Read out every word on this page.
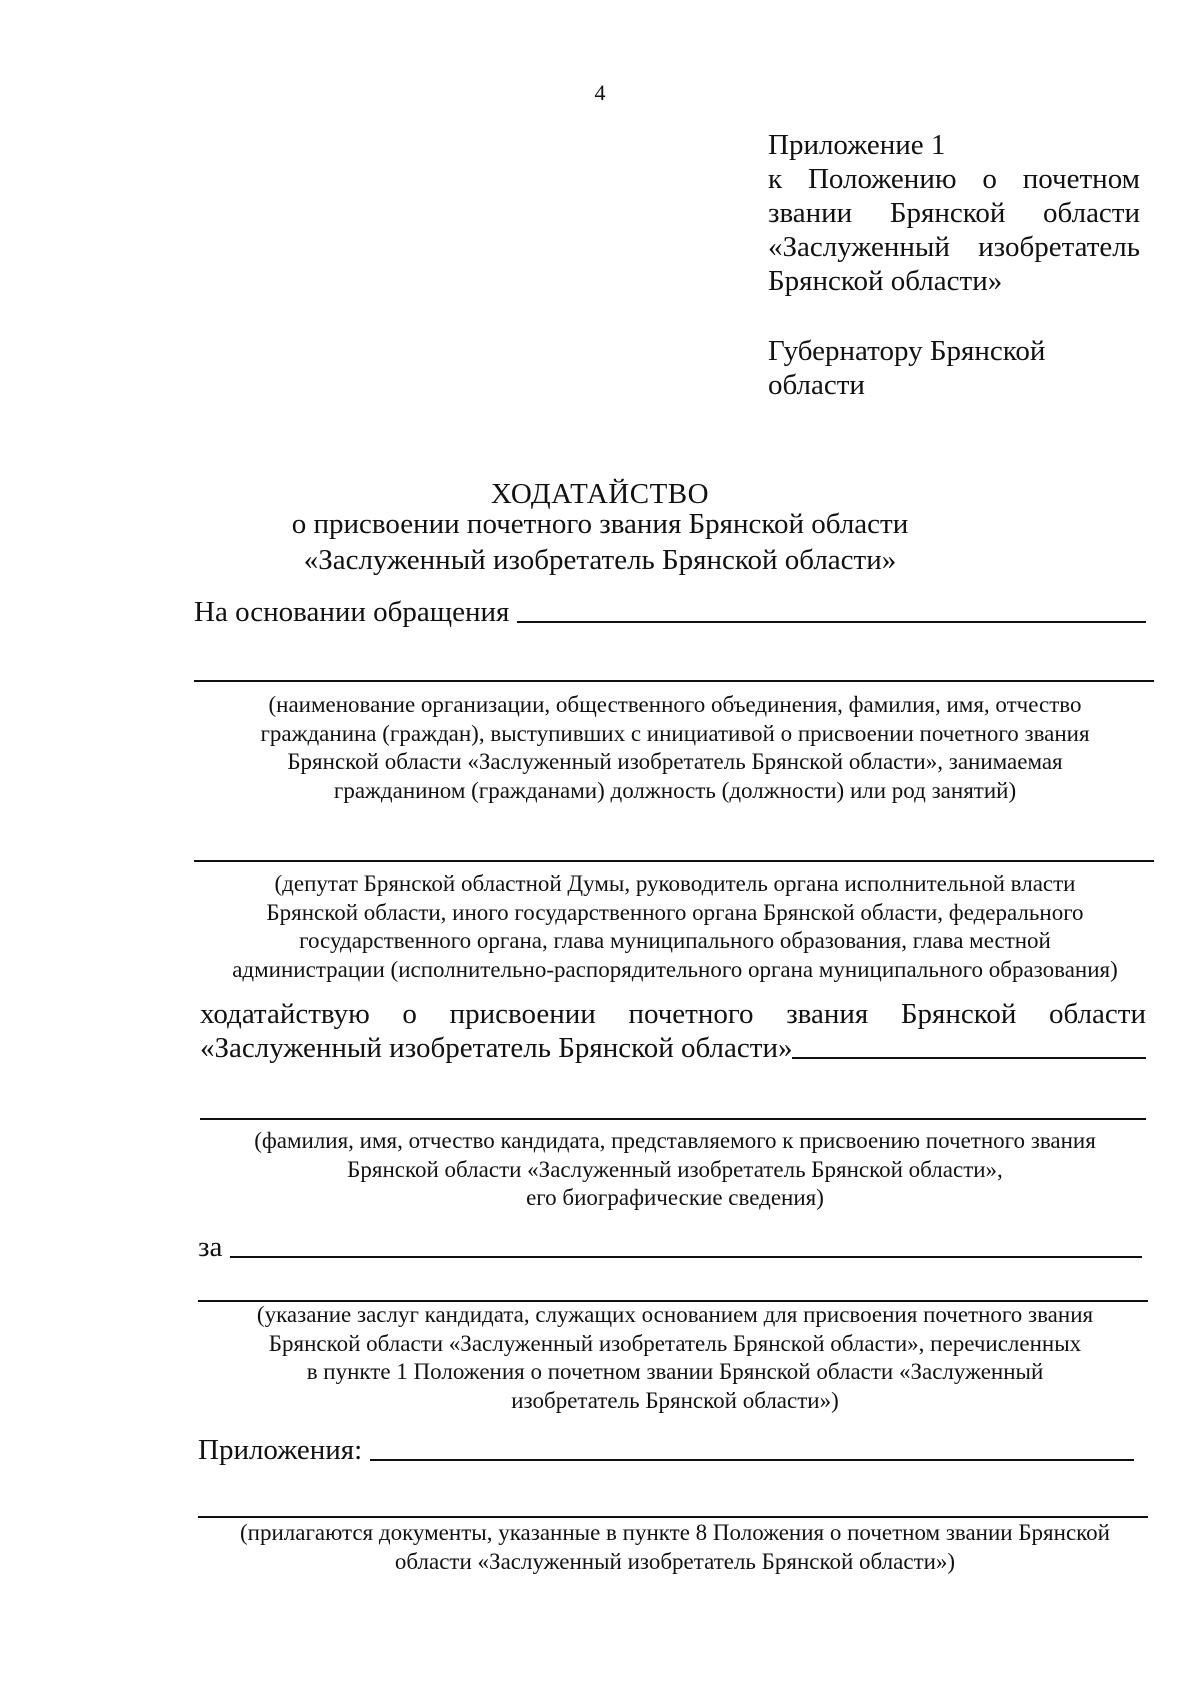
4
Приложение 1
к Положению о почетном
звании Брянской области
«Заслуженный изобретатель
Брянской области»
Губернатору Брянской
области
ХОДАТАЙСТВО
о присвоении почетного звания Брянской области
«Заслуженный изобретатель Брянской области»
На основании обращения
(наименование организации, общественного объединения, фамилия, имя, отчество
гражданина (граждан), выступивших с инициативой о присвоении почетного звания
Брянской области «Заслуженный изобретатель Брянской области», занимаемая
гражданином (гражданами) должность (должности) или род занятий)
(депутат Брянской областной Думы, руководитель органа исполнительной власти
Брянской области, иного государственного органа Брянской области, федерального
государственного органа, глава муниципального образования, глава местной
администрации (исполнительно-распорядительного органа муниципального образования)
ходатайствую о присвоении почетного звания Брянской области
«Заслуженный изобретатель Брянской области»
(фамилия, имя, отчество кандидата, представляемого к присвоению почетного звания
Брянской области «Заслуженный изобретатель Брянской области»,
его биографические сведения)
за
(указание заслуг кандидата, служащих основанием для присвоения почетного звания
Брянской области «Заслуженный изобретатель Брянской области», перечисленных
в пункте 1 Положения о почетном звании Брянской области «Заслуженный
изобретатель Брянской области»)
Приложения:
(прилагаются документы, указанные в пункте 8 Положения о почетном звании Брянской
области «Заслуженный изобретатель Брянской области»)
